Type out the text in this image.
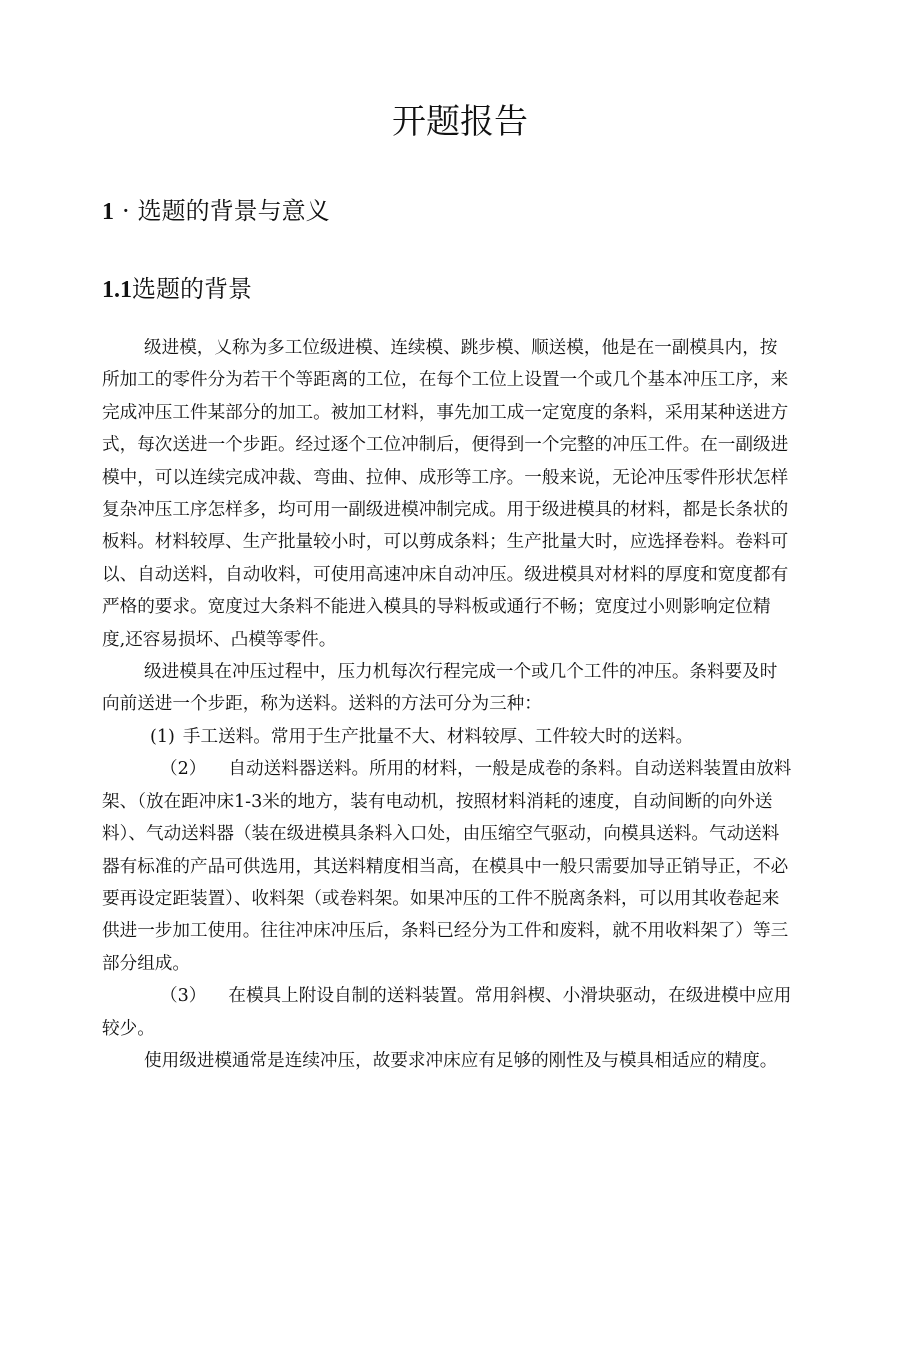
开题报告
1 · 选题的背景与意义
1.1选题的背景

级进模，乂称为多工位级进模、连续模、跳步模、顺送模，他是在一副模具内，按所加工的零件分为若干个等距离的工位，在每个工位上设置一个或几个基本冲压工序，来完成冲压工件某部分的加工。被加工材料，事先加工成一定宽度的条料，采用某种送进方式，每次送进一个步距。经过逐个工位冲制后，便得到一个完整的冲压工件。在一副级进模中，可以连续完成冲裁、弯曲、拉伸、成形等工序。一般来说，无论冲压零件形状怎样复杂冲压工序怎样多，均可用一副级进模冲制完成。用于级进模具的材料，都是长条状的板料。材料较厚、生产批量较小时，可以剪成条料；生产批量大时，应选择卷料。卷料可以、自动送料，自动收料，可使用高速冲床自动冲压。级进模具对材料的厚度和宽度都有严格的要求。宽度过大条料不能进入模具的导料板或通行不畅；宽度过小则影响定位精度,还容易损坏、凸模等零件。

级进模具在冲压过程中，压力机每次行程完成一个或几个工件的冲压。条料要及时向前送进一个步距，称为送料。送料的方法可分为三种：

(1) 手工送料。常用于生产批量不大、材料较厚、工件较大时的送料。

（2） 自动送料器送料。所用的材料，一般是成卷的条料。自动送料装置由放料架、（放在距冲床1-3米的地方，装有电动机，按照材料消耗的速度，自动间断的向外送料）、气动送料器（装在级进模具条料入口处，由压缩空气驱动，向模具送料。气动送料器有标准的产品可供选用，其送料精度相当高，在模具中一般只需要加导正销导正，不必要再设定距装置）、收料架（或卷料架。如果冲压的工件不脱离条料，可以用其收卷起来供进一步加工使用。往往冲床冲压后，条料已经分为工件和废料，就不用收料架了）等三部分组成。

（3） 在模具上附设自制的送料装置。常用斜楔、小滑块驱动，在级进模中应用较少。

使用级进模通常是连续冲压，故要求冲床应有足够的刚性及与模具相适应的精度。
